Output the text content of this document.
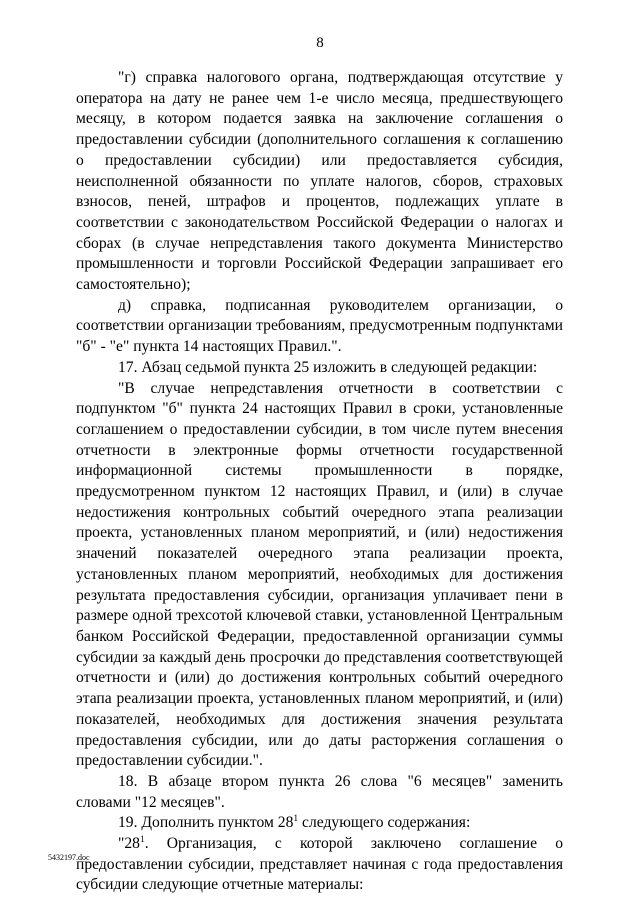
8

"г) справка налогового органа, подтверждающая отсутствие у оператора на дату не ранее чем 1-е число месяца, предшествующего месяцу, в котором подается заявка на заключение соглашения о предоставлении субсидии (дополнительного соглашения к соглашению о предоставлении субсидии) или предоставляется субсидия, неисполненной обязанности по уплате налогов, сборов, страховых взносов, пеней, штрафов и процентов, подлежащих уплате в соответствии с законодательством Российской Федерации о налогах и сборах (в случае непредставления такого документа Министерство промышленности и торговли Российской Федерации запрашивает его самостоятельно);

д) справка, подписанная руководителем организации, о соответствии организации требованиям, предусмотренным подпунктами "б" - "е" пункта 14 настоящих Правил.".

17. Абзац седьмой пункта 25 изложить в следующей редакции:

"В случае непредставления отчетности в соответствии с подпунктом "б" пункта 24 настоящих Правил в сроки, установленные соглашением о предоставлении субсидии, в том числе путем внесения отчетности в электронные формы отчетности государственной информационной системы промышленности в порядке, предусмотренном пунктом 12 настоящих Правил, и (или) в случае недостижения контрольных событий очередного этапа реализации проекта, установленных планом мероприятий, и (или) недостижения значений показателей очередного этапа реализации проекта, установленных планом мероприятий, необходимых для достижения результата предоставления субсидии, организация уплачивает пени в размере одной трехсотой ключевой ставки, установленной Центральным банком Российской Федерации, предоставленной организации суммы субсидии за каждый день просрочки до представления соответствующей отчетности и (или) до достижения контрольных событий очередного этапа реализации проекта, установленных планом мероприятий, и (или) показателей, необходимых для достижения значения результата предоставления субсидии, или до даты расторжения соглашения о предоставлении субсидии.".

18. В абзаце втором пункта 26 слова "6 месяцев" заменить словами "12 месяцев".

19. Дополнить пунктом $28^1$ следующего содержания:

"$28^1$. Организация, с которой заключено соглашение о предоставлении субсидии, представляет начиная с года предоставления субсидии следующие отчетные материалы:

5432197.doc
